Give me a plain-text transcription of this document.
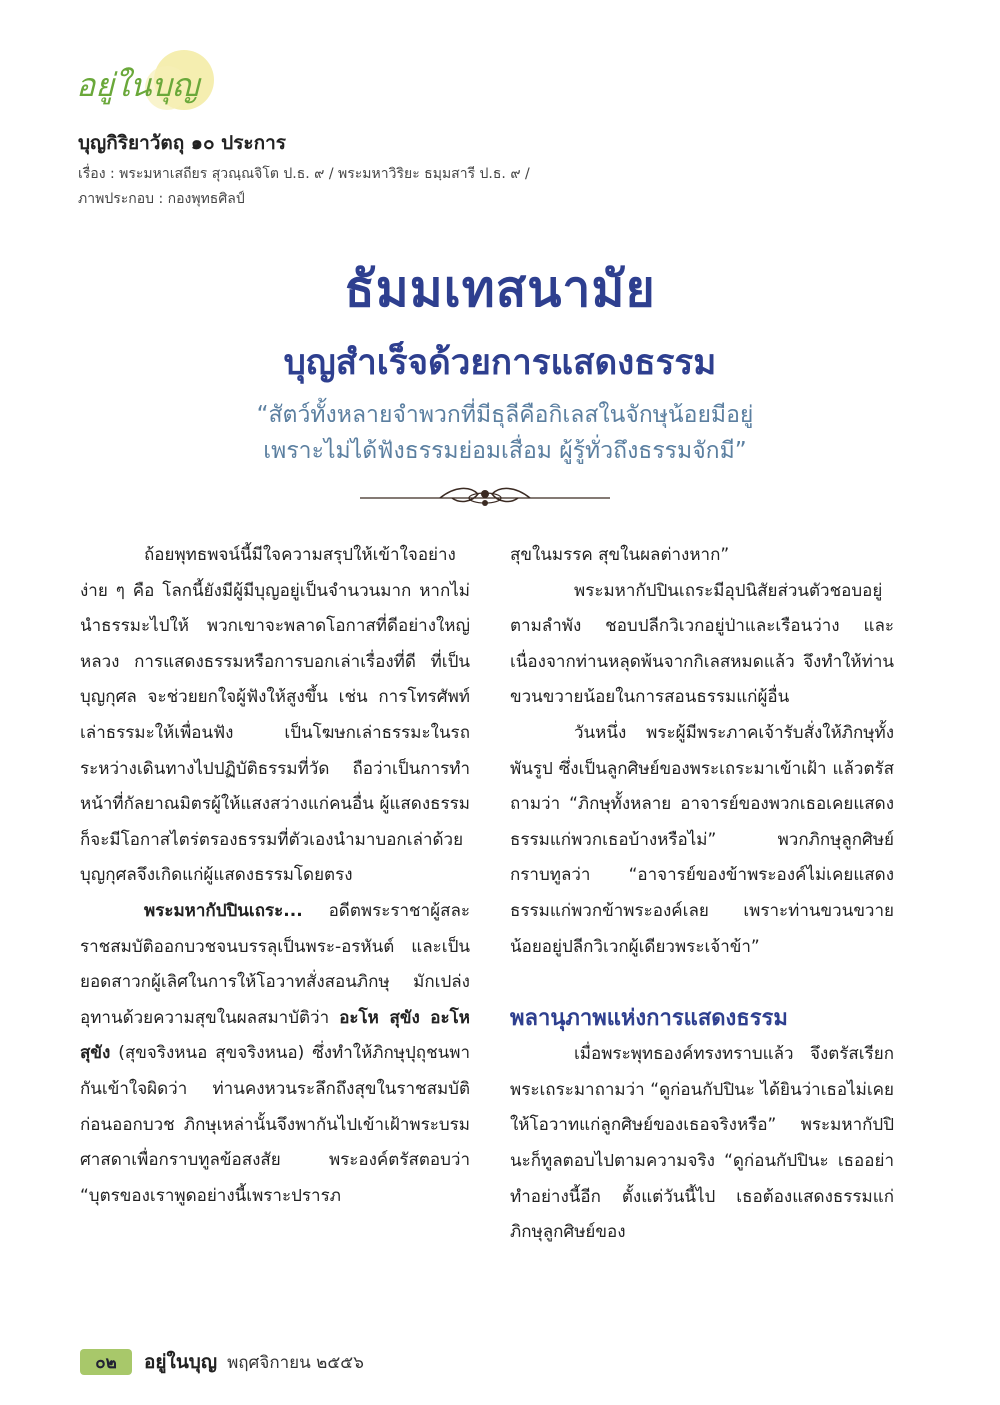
อยู่ในบุญ
บุญกิริยาวัตถุ ๑๐ ประการ
เรื่อง : พระมหาเสถียร สุวณฺณจิโต ป.ธ. ๙ / พระมหาวิริยะ ธมฺมสารี ป.ธ. ๙ /
ภาพประกอบ : กองพุทธศิลป์
ธัมมเทสนามัย
บุญสำเร็จด้วยการแสดงธรรม
“สัตว์ทั้งหลายจำพวกที่มีธุลีคือกิเลสในจักษุน้อยมีอยู่
เพราะไม่ได้ฟังธรรมย่อมเสื่อม ผู้รู้ทั่วถึงธรรมจักมี”

ถ้อยพุทธพจน์นี้มีใจความสรุปให้เข้าใจอย่างง่าย ๆ คือ โลกนี้ยังมีผู้มีบุญอยู่เป็นจำนวนมาก หากไม่นำธรรมะไปให้ พวกเขาจะพลาดโอกาสที่ดีอย่างใหญ่หลวง การแสดงธรรมหรือการบอกเล่าเรื่องที่ดี ที่เป็นบุญกุศล จะช่วยยกใจผู้ฟังให้สูงขึ้น เช่น การโทรศัพท์เล่าธรรมะให้เพื่อนฟัง เป็นโฆษกเล่าธรรมะในรถระหว่างเดินทางไปปฏิบัติธรรมที่วัด ถือว่าเป็นการทำหน้าที่กัลยาณมิตรผู้ให้แสงสว่างแก่คนอื่น ผู้แสดงธรรมก็จะมีโอกาสไตร่ตรองธรรมที่ตัวเองนำมาบอกเล่าด้วย บุญกุศลจึงเกิดแก่ผู้แสดงธรรมโดยตรง

พระมหากัปปินเถระ... อดีตพระราชาผู้สละราชสมบัติออกบวชจนบรรลุเป็นพระ-อรหันต์ และเป็นยอดสาวกผู้เลิศในการให้โอวาทสั่งสอนภิกษุ มักเปล่งอุทานด้วยความสุขในผลสมาบัติว่า อะโห สุขัง อะโห สุขัง (สุขจริงหนอ สุขจริงหนอ) ซึ่งทำให้ภิกษุปุถุชนพากันเข้าใจผิดว่า ท่านคงหวนระลึกถึงสุขในราชสมบัติก่อนออกบวช ภิกษุเหล่านั้นจึงพากันไปเข้าเฝ้าพระบรมศาสดาเพื่อกราบทูลข้อสงสัย พระองค์ตรัสตอบว่า “บุตรของเราพูดอย่างนี้เพราะปรารภ

สุขในมรรค สุขในผลต่างหาก”

พระมหากัปปินเถระมีอุปนิสัยส่วนตัวชอบอยู่ตามลำพัง ชอบปลีกวิเวกอยู่ป่าและเรือนว่าง และเนื่องจากท่านหลุดพ้นจากกิเลสหมดแล้ว จึงทำให้ท่านขวนขวายน้อยในการสอนธรรมแก่ผู้อื่น

วันหนึ่ง พระผู้มีพระภาคเจ้ารับสั่งให้ภิกษุทั้งพันรูป ซึ่งเป็นลูกศิษย์ของพระเถระมาเข้าเฝ้า แล้วตรัสถามว่า “ภิกษุทั้งหลาย อาจารย์ของพวกเธอเคยแสดงธรรมแก่พวกเธอบ้างหรือไม่” พวกภิกษุลูกศิษย์กราบทูลว่า “อาจารย์ของข้าพระองค์ไม่เคยแสดงธรรมแก่พวกข้าพระองค์เลย เพราะท่านขวนขวายน้อยอยู่ปลีกวิเวกผู้เดียวพระเจ้าข้า”

พลานุภาพแห่งการแสดงธรรม

เมื่อพระพุทธองค์ทรงทราบแล้ว จึงตรัสเรียกพระเถระมาถามว่า “ดูก่อนกัปปินะ ได้ยินว่าเธอไม่เคยให้โอวาทแก่ลูกศิษย์ของเธอจริงหรือ” พระมหากัปปินะก็ทูลตอบไปตามความจริง “ดูก่อนกัปปินะ เธออย่าทำอย่างนี้อีก ตั้งแต่วันนี้ไป เธอต้องแสดงธรรมแก่ภิกษุลูกศิษย์ของ

๐๒	อยู่ในบุญ พฤศจิกายน ๒๕๕๖
